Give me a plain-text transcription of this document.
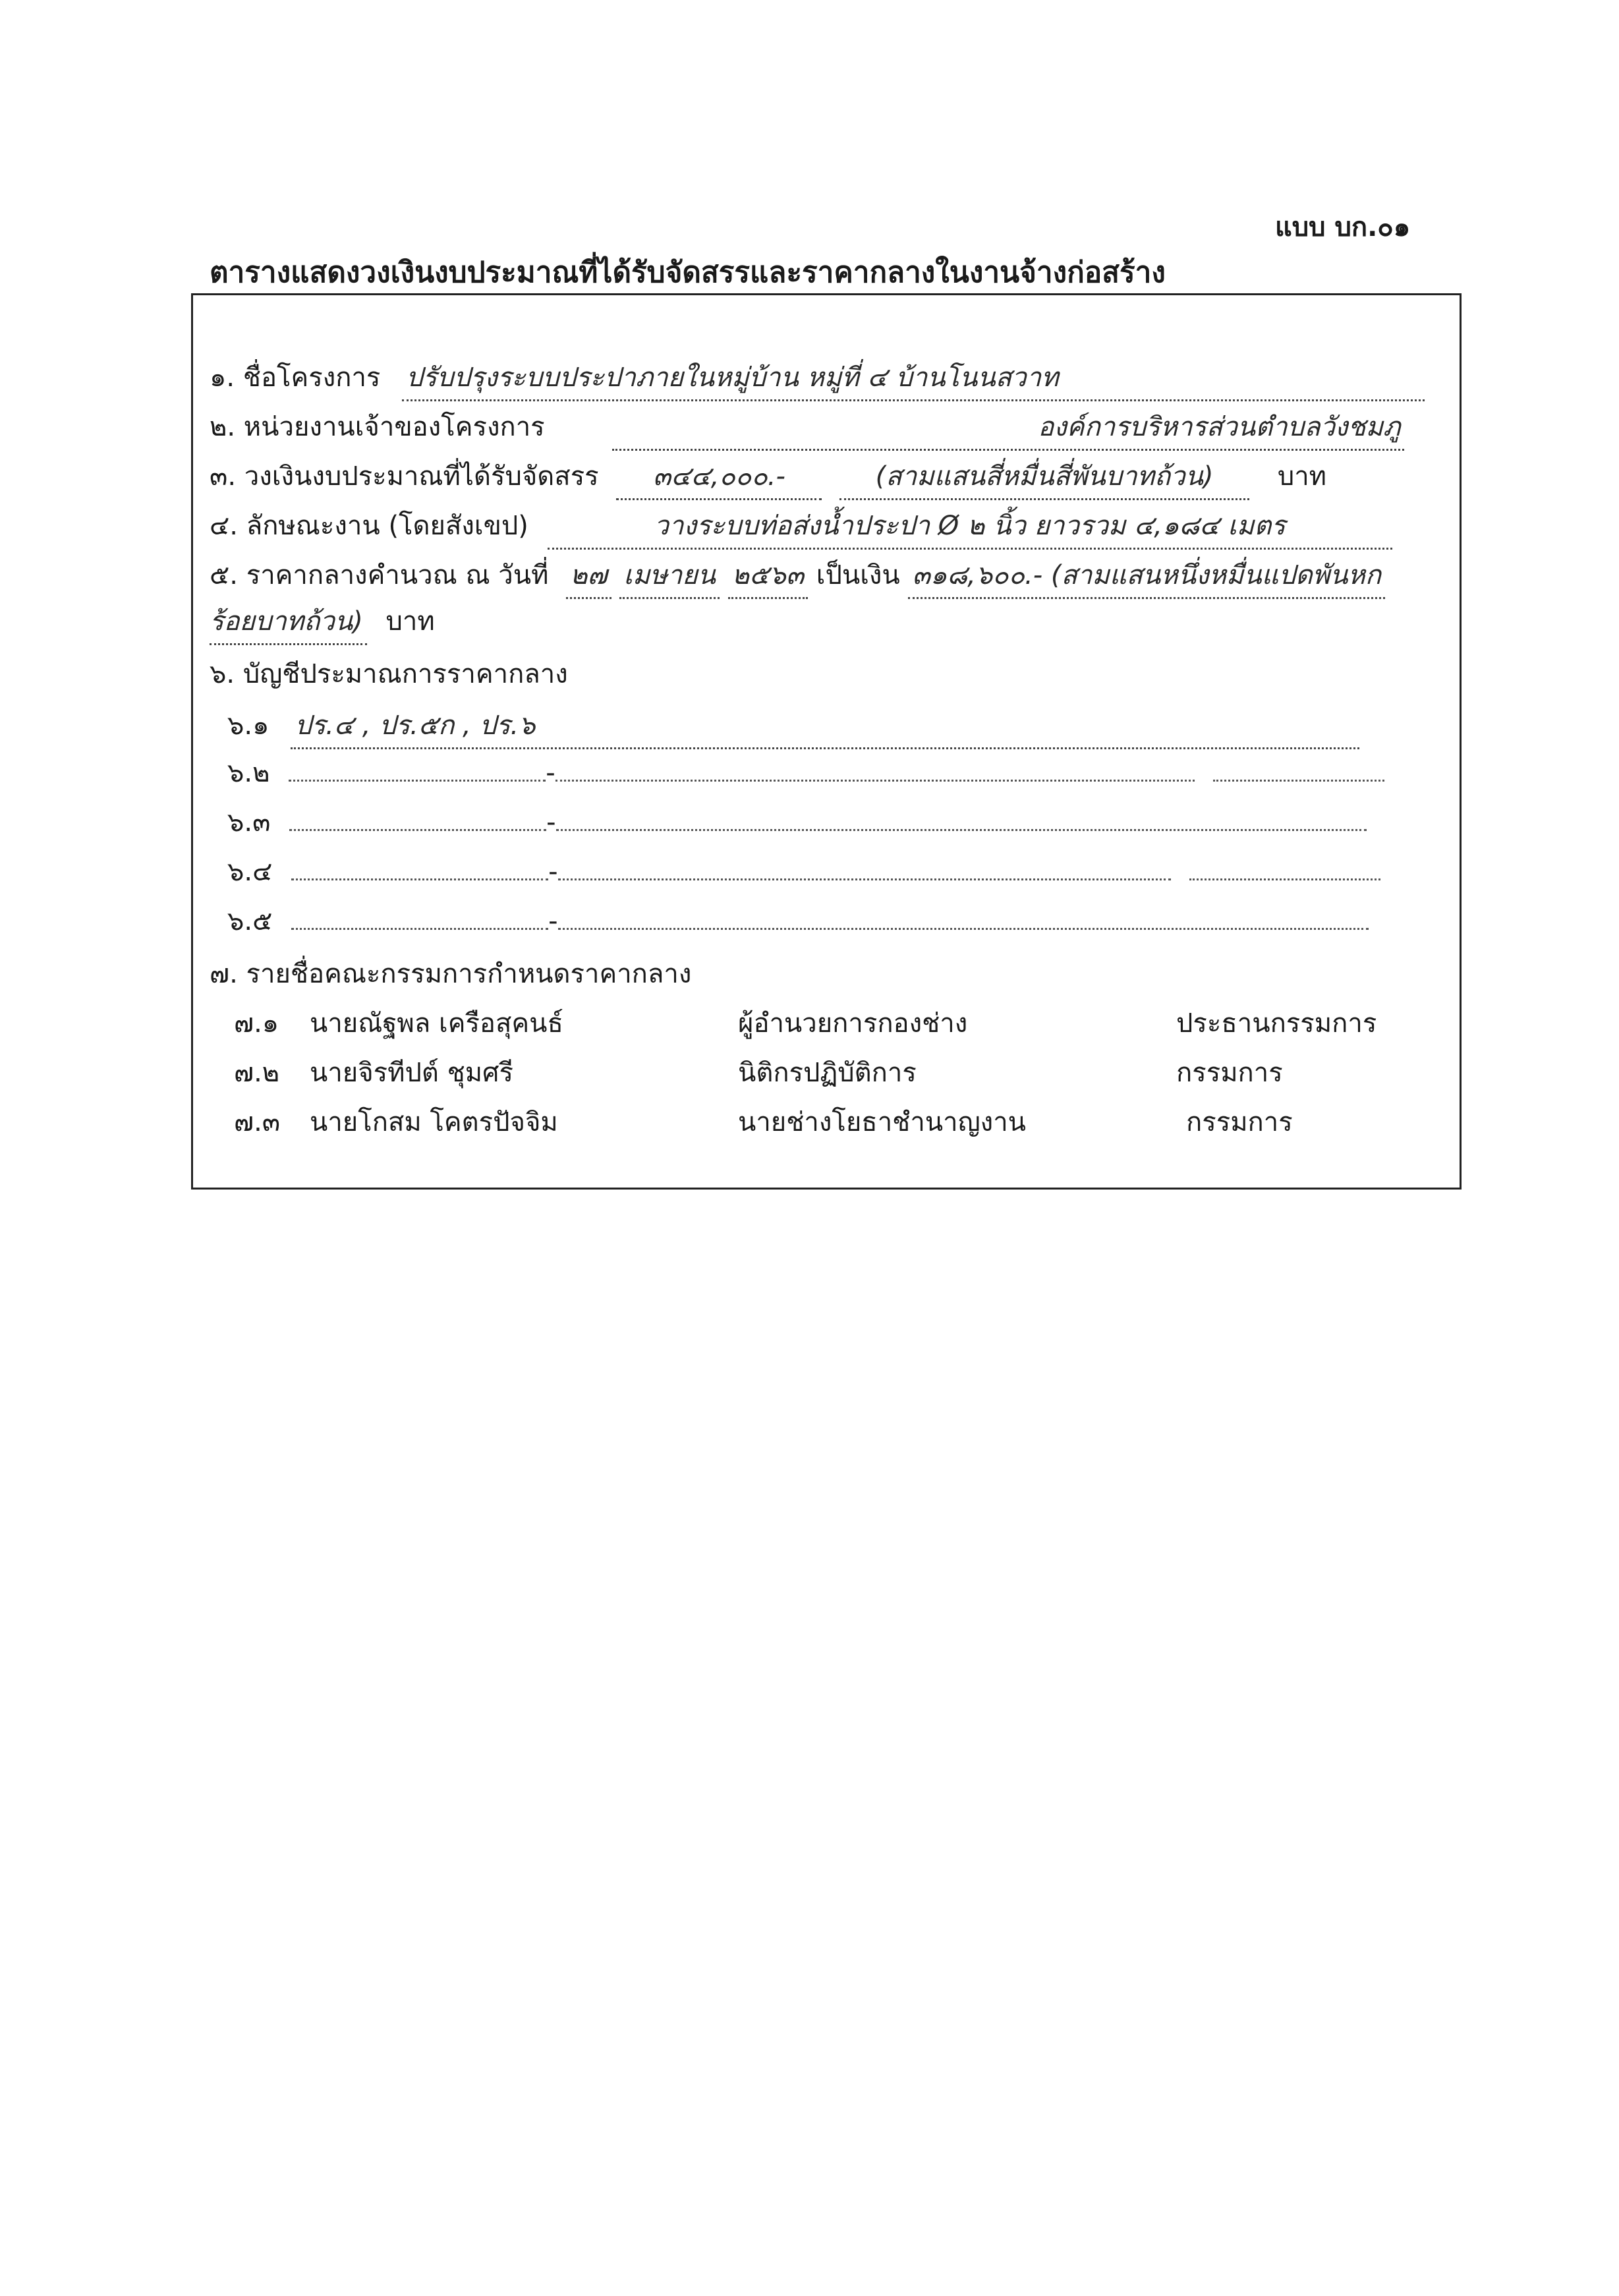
แบบ บก.๐๑
ตารางแสดงวงเงินงบประมาณที่ได้รับจัดสรรและราคากลางในงานจ้างก่อสร้าง
๑. ชื่อโครงการ ปรับปรุงระบบประปาภายในหมู่บ้าน หมู่ที่ ๔ บ้านโนนสวาท
๒. หน่วยงานเจ้าของโครงการ	องค์การบริหารส่วนตำบลวังชมภู
๓. วงเงินงบประมาณที่ได้รับจัดสรร ๓๔๔,๐๐๐.-	(สามแสนสี่หมื่นสี่พันบาทถ้วน) บาท
๔. ลักษณะงาน (โดยสังเขป)	วางระบบท่อส่งน้ำประปา Ø ๒ นิ้ว ยาวรวม ๔,๑๘๔ เมตร
๕. ราคากลางคำนวณ ณ วันที่ ๒๗ เมษายน ๒๕๖๓ เป็นเงิน ๓๑๘,๖๐๐.- (สามแสนหนึ่งหมื่นแปดพันหก
ร้อยบาทถ้วน) บาท
๖. บัญชีประมาณการราคากลาง
๖.๑ ปร.๔ , ปร.๕ก , ปร.๖
๖.๒	-
๖.๓	-
๖.๔	-
๖.๕	-
๗. รายชื่อคณะกรรมการกำหนดราคากลาง
๗.๑ นายณัฐพล เครือสุคนธ์	ผู้อำนวยการกองช่าง	ประธานกรรมการ
๗.๒ นายจิรทีปต์ ชุมศรี	นิติกรปฏิบัติการ	กรรมการ
๗.๓ นายโกสม โคตรปัจจิม	นายช่างโยธาชำนาญงาน	กรรมการ
